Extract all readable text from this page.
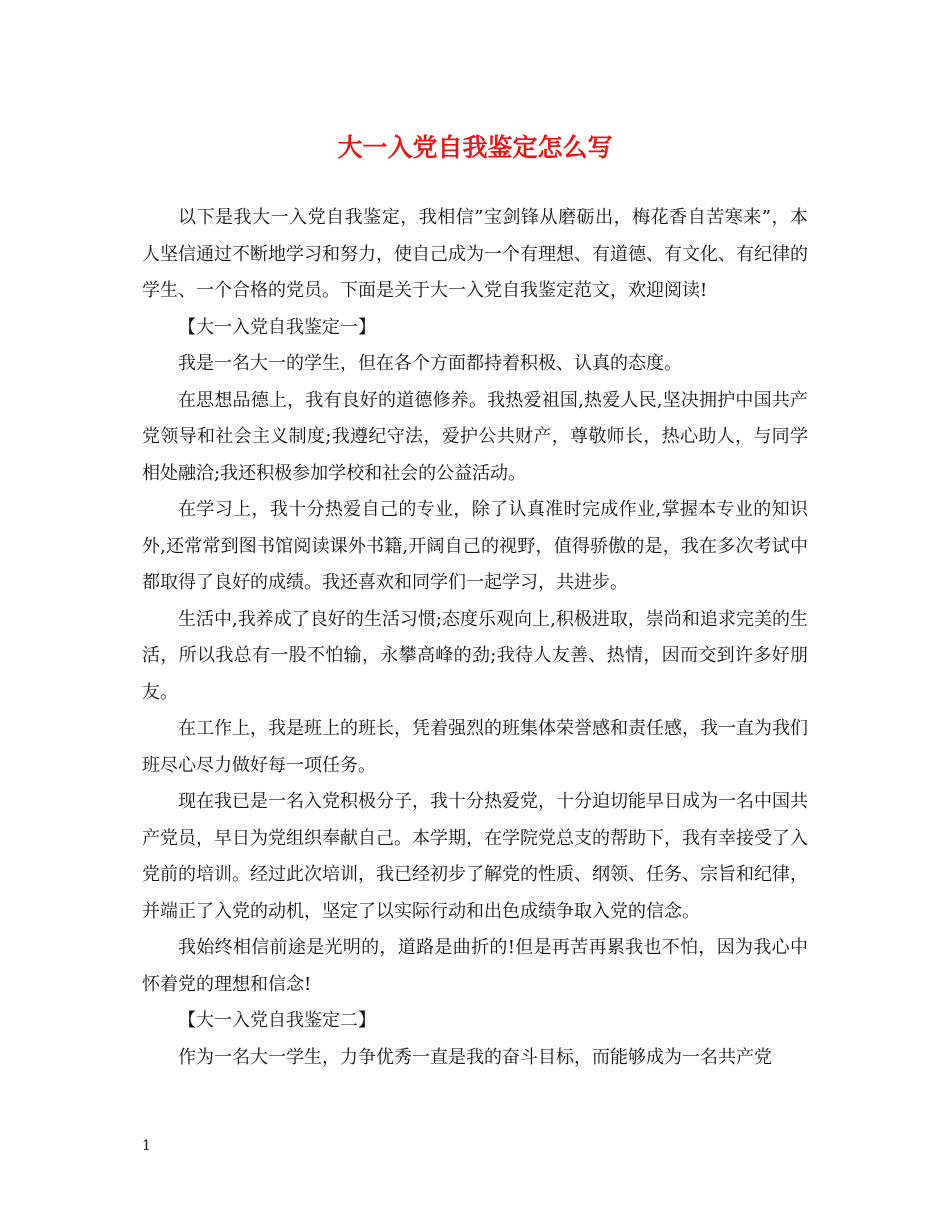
大一入党自我鉴定怎么写

以下是我大一入党自我鉴定，我相信”宝剑锋从磨砺出，梅花香自苦寒来”，本人坚信通过不断地学习和努力，使自己成为一个有理想、有道德、有文化、有纪律的学生、一个合格的党员。下面是关于大一入党自我鉴定范文，欢迎阅读!

【大一入党自我鉴定一】

我是一名大一的学生，但在各个方面都持着积极、认真的态度。

在思想品德上，我有良好的道德修养。我热爱祖国,热爱人民,坚决拥护中国共产党领导和社会主义制度;我遵纪守法，爱护公共财产，尊敬师长，热心助人，与同学相处融洽;我还积极参加学校和社会的公益活动。

在学习上，我十分热爱自己的专业，除了认真准时完成作业,掌握本专业的知识外,还常常到图书馆阅读课外书籍,开阔自己的视野，值得骄傲的是，我在多次考试中都取得了良好的成绩。我还喜欢和同学们一起学习，共进步。

生活中,我养成了良好的生活习惯;态度乐观向上,积极进取，崇尚和追求完美的生活，所以我总有一股不怕输，永攀高峰的劲;我待人友善、热情，因而交到许多好朋友。

在工作上，我是班上的班长，凭着强烈的班集体荣誉感和责任感，我一直为我们班尽心尽力做好每一项任务。

现在我已是一名入党积极分子，我十分热爱党，十分迫切能早日成为一名中国共产党员，早日为党组织奉献自己。本学期，在学院党总支的帮助下，我有幸接受了入党前的培训。经过此次培训，我已经初步了解党的性质、纲领、任务、宗旨和纪律，并端正了入党的动机，坚定了以实际行动和出色成绩争取入党的信念。

我始终相信前途是光明的，道路是曲折的!但是再苦再累我也不怕，因为我心中怀着党的理想和信念!

【大一入党自我鉴定二】

作为一名大一学生，力争优秀一直是我的奋斗目标，而能够成为一名共产党

1
